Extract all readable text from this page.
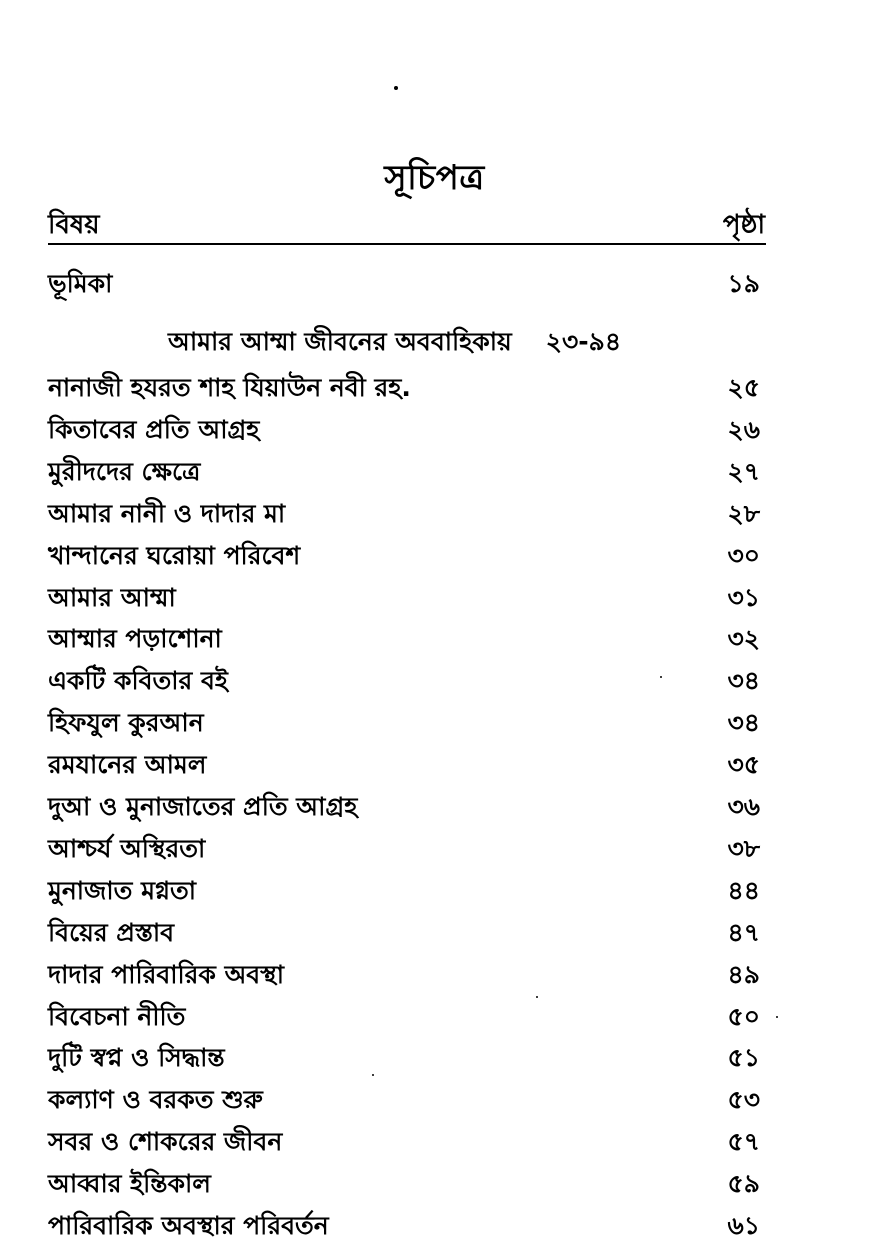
সূচিপত্র
বিষয়	পৃষ্ঠা
ভূমিকা	১৯
আমার আম্মা জীবনের অববাহিকায় ২৩-৯৪
নানাজী হযরত শাহ যিয়াউন নবী রহ.	২৫
কিতাবের প্রতি আগ্রহ	২৬
মুরীদদের ক্ষেত্রে	২৭
আমার নানী ও দাদার মা	২৮
খান্দানের ঘরোয়া পরিবেশ	৩০
আমার আম্মা	৩১
আম্মার পড়াশোনা	৩২
একটি কবিতার বই	৩৪
হিফযুল কুরআন	৩৪
রমযানের আমল	৩৫
দুআ ও মুনাজাতের প্রতি আগ্রহ	৩৬
আশ্চর্য অস্থিরতা	৩৮
মুনাজাত মগ্নতা	৪৪
বিয়ের প্রস্তাব	৪৭
দাদার পারিবারিক অবস্থা	৪৯
বিবেচনা নীতি	৫০
দুটি স্বপ্ন ও সিদ্ধান্ত	৫১
কল্যাণ ও বরকত শুরু	৫৩
সবর ও শোকরের জীবন	৫৭
আব্বার ইন্তিকাল	৫৯
পারিবারিক অবস্থার পরিবর্তন	৬১
